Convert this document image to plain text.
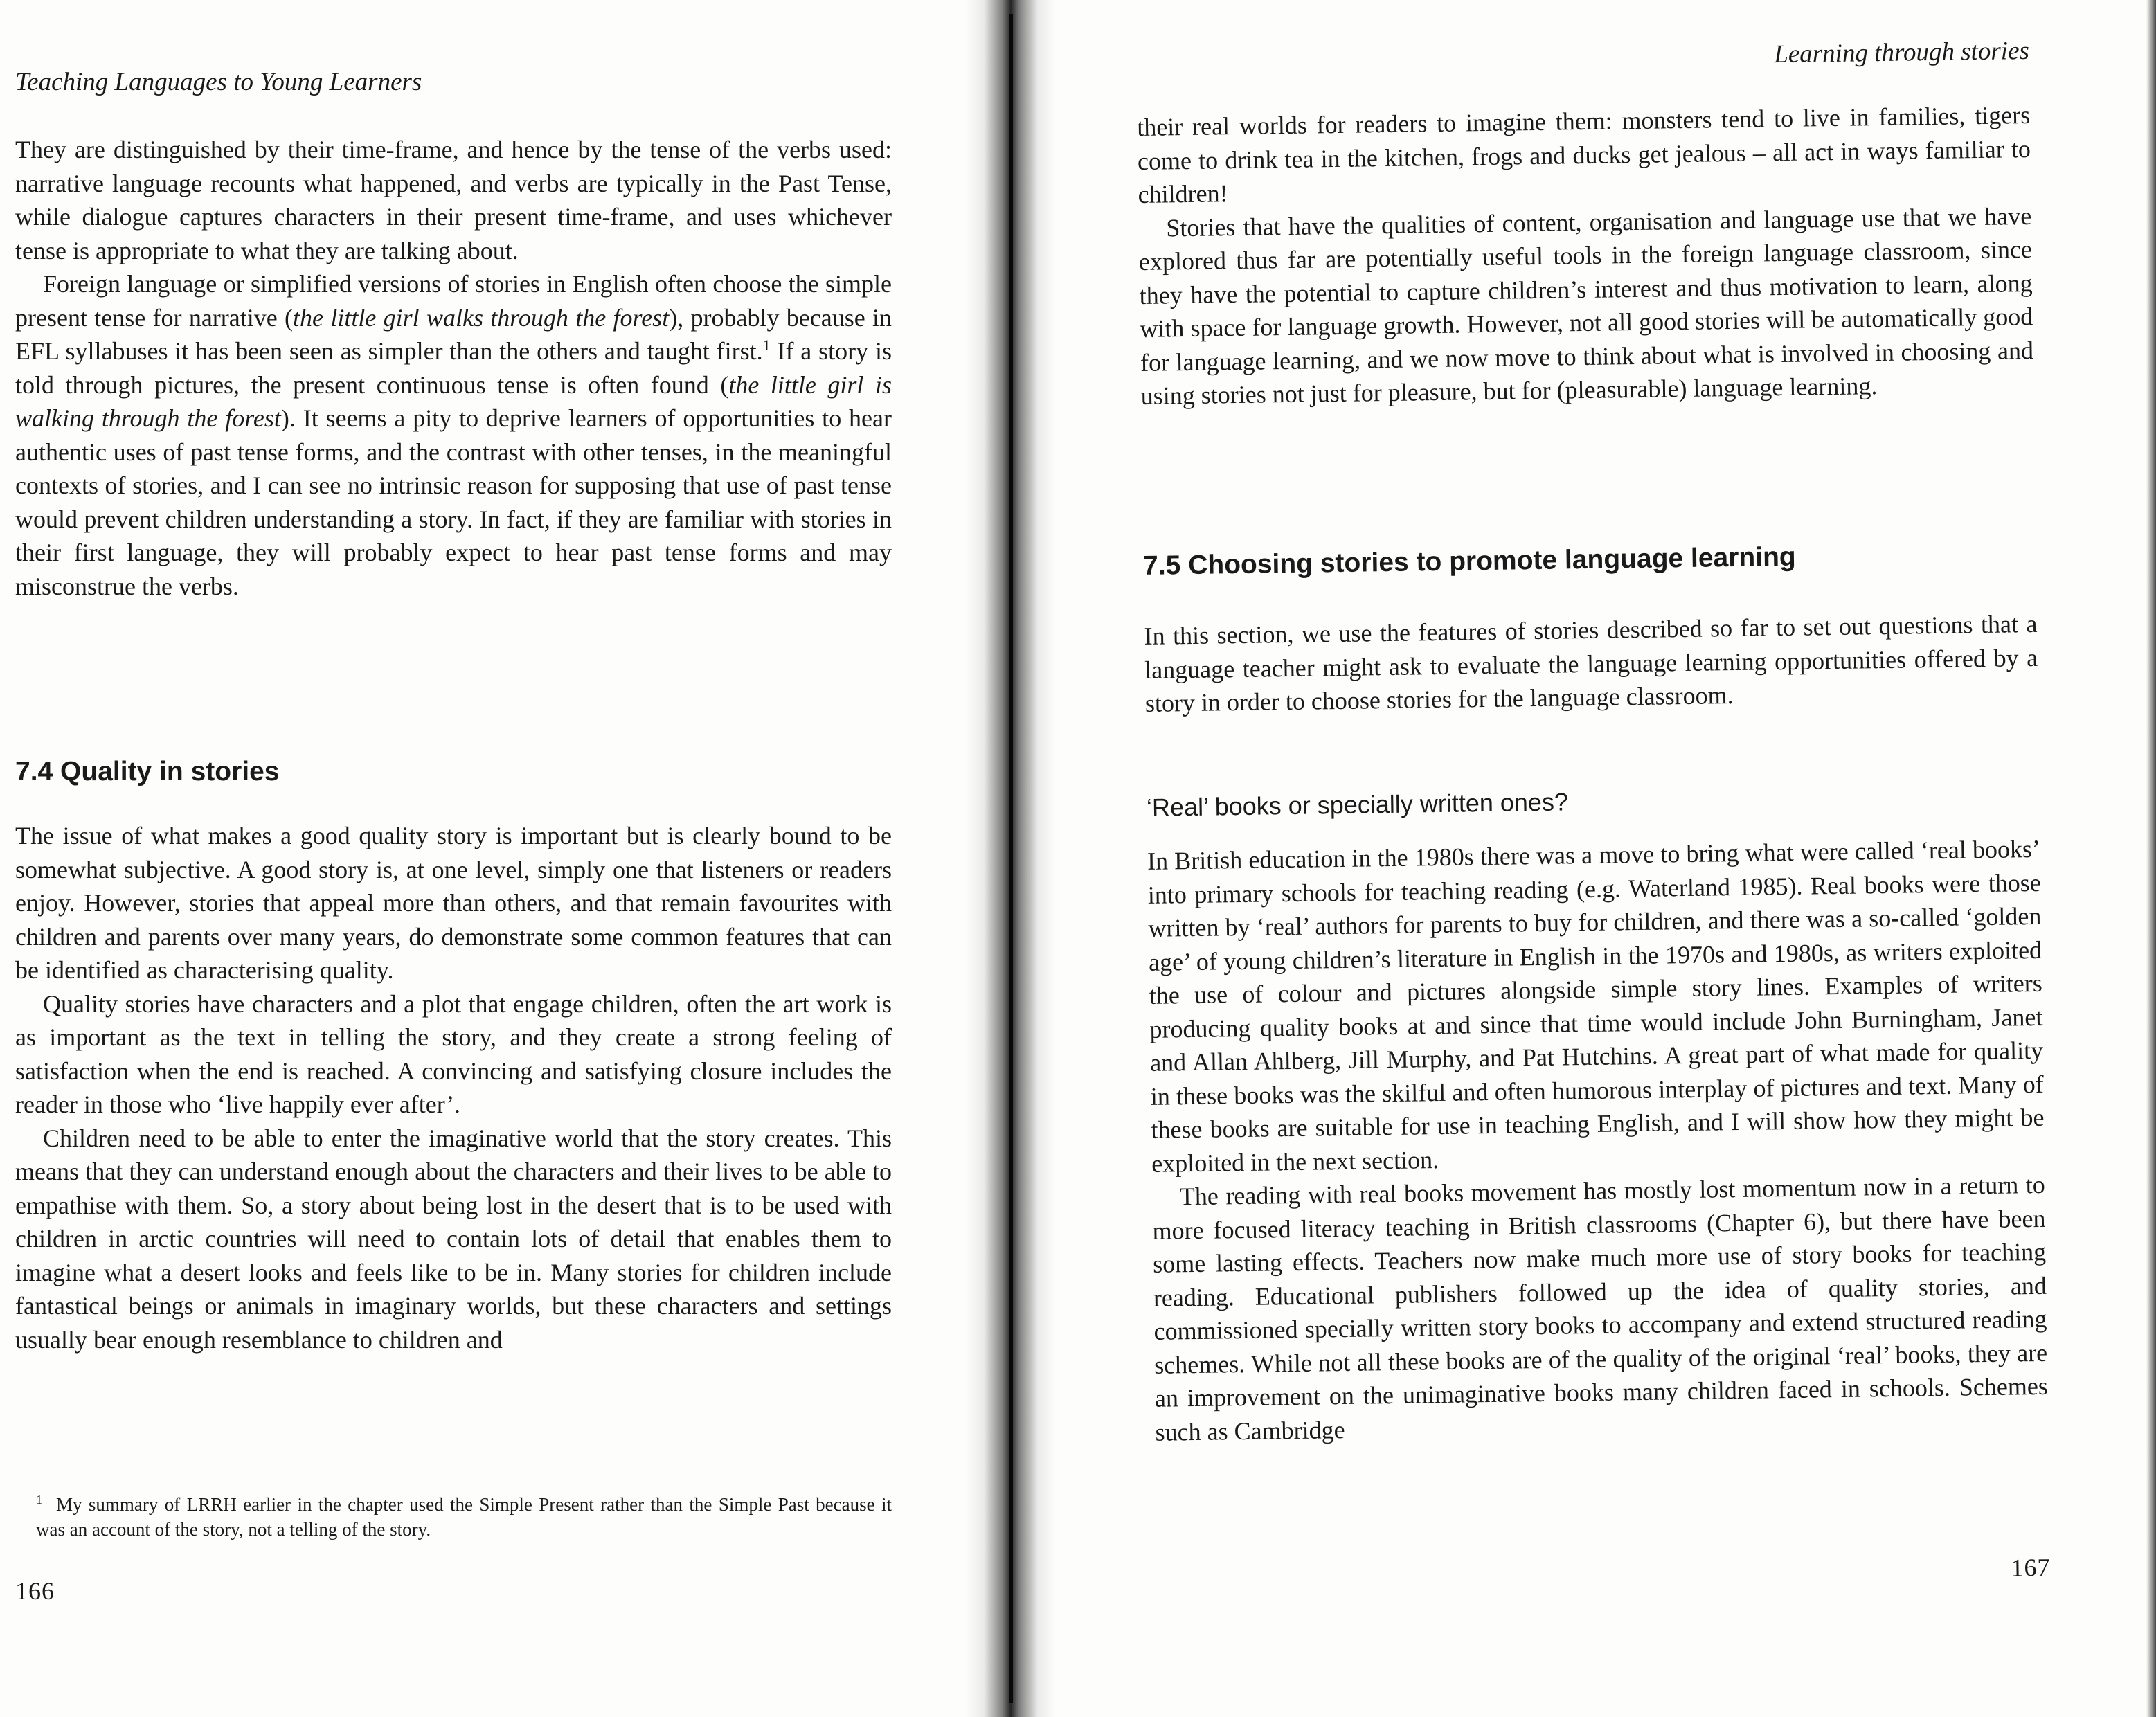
Teaching Languages to Young Learners

They are distinguished by their time-frame, and hence by the tense of the verbs used: narrative language recounts what happened, and verbs are typically in the Past Tense, while dialogue captures characters in their present time-frame, and uses whichever tense is appropriate to what they are talking about.

Foreign language or simplified versions of stories in English often choose the simple present tense for narrative (the little girl walks through the forest), probably because in EFL syllabuses it has been seen as simpler than the others and taught first.$^1$ If a story is told through pictures, the present continuous tense is often found (the little girl is walking through the forest). It seems a pity to deprive learners of opportunities to hear authentic uses of past tense forms, and the contrast with other tenses, in the meaningful contexts of stories, and I can see no intrinsic reason for supposing that use of past tense would prevent children understanding a story. In fact, if they are familiar with stories in their first language, they will probably expect to hear past tense forms and may misconstrue the verbs.

7.4 Quality in stories

The issue of what makes a good quality story is important but is clearly bound to be somewhat subjective. A good story is, at one level, simply one that listeners or readers enjoy. However, stories that appeal more than others, and that remain favourites with children and parents over many years, do demonstrate some common features that can be identified as characterising quality.

Quality stories have characters and a plot that engage children, often the art work is as important as the text in telling the story, and they create a strong feeling of satisfaction when the end is reached. A convincing and satisfying closure includes the reader in those who ‘live happily ever after’.

Children need to be able to enter the imaginative world that the story creates. This means that they can understand enough about the characters and their lives to be able to empathise with them. So, a story about being lost in the desert that is to be used with children in arctic countries will need to contain lots of detail that enables them to imagine what a desert looks and feels like to be in. Many stories for children include fantastical beings or animals in imaginary worlds, but these characters and settings usually bear enough resemblance to children and

$^1$ My summary of LRRH earlier in the chapter used the Simple Present rather than the Simple Past because it was an account of the story, not a telling of the story.
166
Learning through stories

their real worlds for readers to imagine them: monsters tend to live in families, tigers come to drink tea in the kitchen, frogs and ducks get jealous – all act in ways familiar to children!

Stories that have the qualities of content, organisation and language use that we have explored thus far are potentially useful tools in the foreign language classroom, since they have the potential to capture children’s interest and thus motivation to learn, along with space for language growth. However, not all good stories will be automatically good for language learning, and we now move to think about what is involved in choosing and using stories not just for pleasure, but for (pleasurable) language learning.

7.5 Choosing stories to promote language learning

In this section, we use the features of stories described so far to set out questions that a language teacher might ask to evaluate the language learning opportunities offered by a story in order to choose stories for the language classroom.

‘Real’ books or specially written ones?

In British education in the 1980s there was a move to bring what were called ‘real books’ into primary schools for teaching reading (e.g. Waterland 1985). Real books were those written by ‘real’ authors for parents to buy for children, and there was a so-called ‘golden age’ of young children’s literature in English in the 1970s and 1980s, as writers exploited the use of colour and pictures alongside simple story lines. Examples of writers producing quality books at and since that time would include John Burningham, Janet and Allan Ahlberg, Jill Murphy, and Pat Hutchins. A great part of what made for quality in these books was the skilful and often humorous interplay of pictures and text. Many of these books are suitable for use in teaching English, and I will show how they might be exploited in the next section.

The reading with real books movement has mostly lost momentum now in a return to more focused literacy teaching in British classrooms (Chapter 6), but there have been some lasting effects. Teachers now make much more use of story books for teaching reading. Educational publishers followed up the idea of quality stories, and commissioned specially written story books to accompany and extend structured reading schemes. While not all these books are of the quality of the original ‘real’ books, they are an improvement on the unimaginative books many children faced in schools. Schemes such as Cambridge

167
